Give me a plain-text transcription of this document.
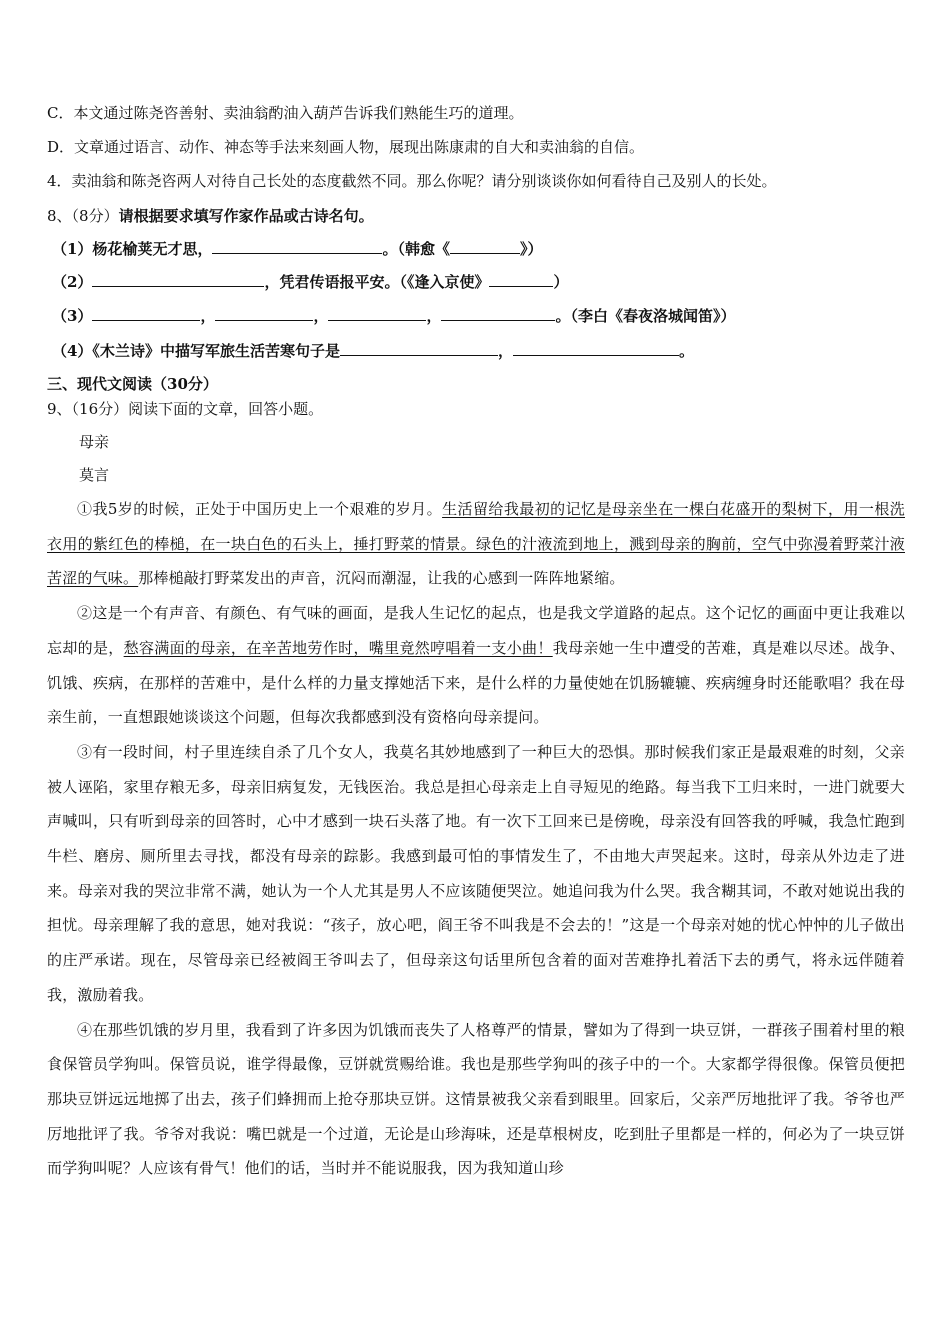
C．本文通过陈尧咨善射、卖油翁酌油入葫芦告诉我们熟能生巧的道理。
D．文章通过语言、动作、神态等手法来刻画人物，展现出陈康肃的自大和卖油翁的自信。
4．卖油翁和陈尧咨两人对待自己长处的态度截然不同。那么你呢？请分别谈谈你如何看待自己及别人的长处。
8、（8分）请根据要求填写作家作品或古诗名句。
（1）杨花榆荚无才思，	。（韩愈《	》）
（2）	，凭君传语报平安。（《逢入京使》	）
（3）	，	，	，	。（李白《春夜洛城闻笛》）
（4）《木兰诗》中描写军旅生活苦寒句子是	，	。
三、现代文阅读（30分）
9、（16分）阅读下面的文章，回答小题。
母亲
莫言

①我5岁的时候，正处于中国历史上一个艰难的岁月。生活留给我最初的记忆是母亲坐在一棵白花盛开的梨树下，用一根洗衣用的紫红色的棒槌，在一块白色的石头上，捶打野菜的情景。绿色的汁液流到地上，溅到母亲的胸前，空气中弥漫着野菜汁液苦涩的气味。那棒槌敲打野菜发出的声音，沉闷而潮湿，让我的心感到一阵阵地紧缩。

②这是一个有声音、有颜色、有气味的画面，是我人生记忆的起点，也是我文学道路的起点。这个记忆的画面中更让我难以忘却的是，愁容满面的母亲，在辛苦地劳作时，嘴里竟然哼唱着一支小曲！我母亲她一生中遭受的苦难，真是难以尽述。战争、饥饿、疾病，在那样的苦难中，是什么样的力量支撑她活下来，是什么样的力量使她在饥肠辘辘、疾病缠身时还能歌唱？我在母亲生前，一直想跟她谈谈这个问题，但每次我都感到没有资格向母亲提问。

③有一段时间，村子里连续自杀了几个女人，我莫名其妙地感到了一种巨大的恐惧。那时候我们家正是最艰难的时刻，父亲被人诬陷，家里存粮无多，母亲旧病复发，无钱医治。我总是担心母亲走上自寻短见的绝路。每当我下工归来时，一进门就要大声喊叫，只有听到母亲的回答时，心中才感到一块石头落了地。有一次下工回来已是傍晚，母亲没有回答我的呼喊，我急忙跑到牛栏、磨房、厕所里去寻找，都没有母亲的踪影。我感到最可怕的事情发生了，不由地大声哭起来。这时，母亲从外边走了进来。母亲对我的哭泣非常不满，她认为一个人尤其是男人不应该随便哭泣。她追问我为什么哭。我含糊其词，不敢对她说出我的担忧。母亲理解了我的意思，她对我说：“孩子，放心吧，阎王爷不叫我是不会去的！”这是一个母亲对她的忧心忡忡的儿子做出的庄严承诺。现在，尽管母亲已经被阎王爷叫去了，但母亲这句话里所包含着的面对苦难挣扎着活下去的勇气，将永远伴随着我，激励着我。

④在那些饥饿的岁月里，我看到了许多因为饥饿而丧失了人格尊严的情景，譬如为了得到一块豆饼，一群孩子围着村里的粮食保管员学狗叫。保管员说，谁学得最像，豆饼就赏赐给谁。我也是那些学狗叫的孩子中的一个。大家都学得很像。保管员便把那块豆饼远远地掷了出去，孩子们蜂拥而上抢夺那块豆饼。这情景被我父亲看到眼里。回家后，父亲严厉地批评了我。爷爷也严厉地批评了我。爷爷对我说：嘴巴就是一个过道，无论是山珍海味，还是草根树皮，吃到肚子里都是一样的，何必为了一块豆饼而学狗叫呢？人应该有骨气！他们的话，当时并不能说服我，因为我知道山珍
